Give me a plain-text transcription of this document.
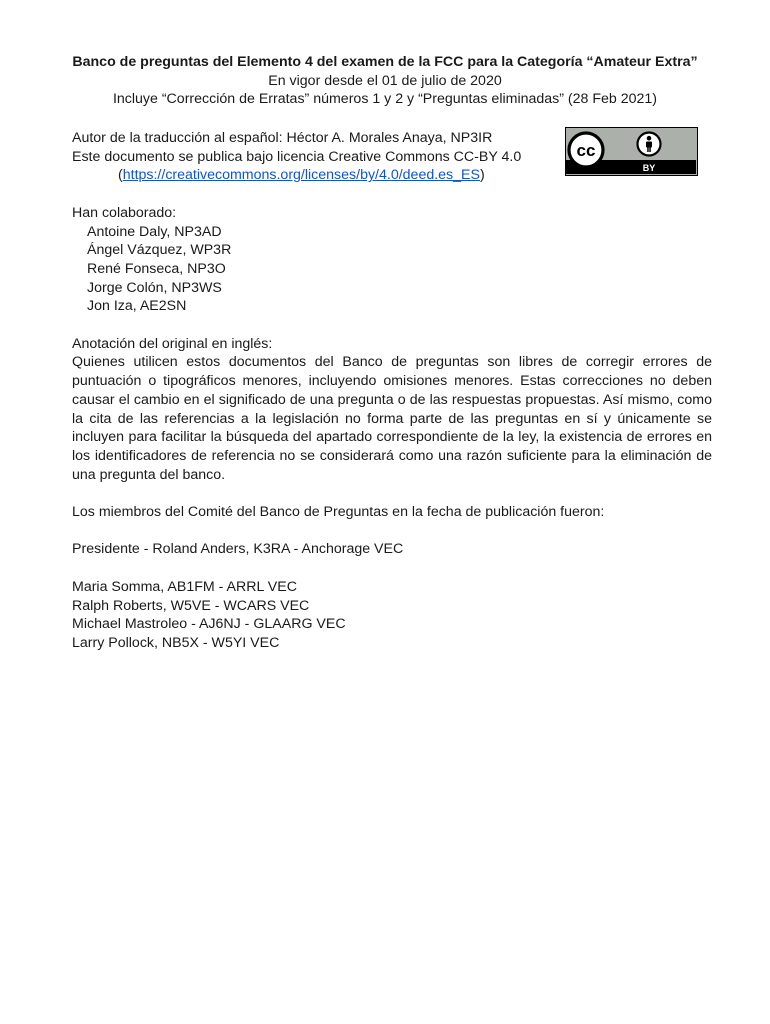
Banco de preguntas del Elemento 4 del examen de la FCC para la Categoría “Amateur Extra”

En vigor desde el 01 de julio de 2020

Incluye “Corrección de Erratas” números 1 y 2 y “Preguntas eliminadas” (28 Feb 2021)

cc
BY

Autor de la traducción al español: Héctor A. Morales Anaya, NP3IR

Este documento se publica bajo licencia Creative Commons CC-BY 4.0

(https://creativecommons.org/licenses/by/4.0/deed.es_ES)

Han colaborado:

Antoine Daly, NP3AD

Ángel Vázquez, WP3R

René Fonseca, NP3O

Jorge Colón, NP3WS

Jon Iza, AE2SN

Anotación del original en inglés:

Quienes utilicen estos documentos del Banco de preguntas son libres de corregir errores de puntuación o tipográficos menores, incluyendo omisiones menores. Estas correcciones no deben causar el cambio en el significado de una pregunta o de las respuestas propuestas. Así mismo, como la cita de las referencias a la legislación no forma parte de las preguntas en sí y únicamente se incluyen para facilitar la búsqueda del apartado correspondiente de la ley, la existencia de errores en los identificadores de referencia no se considerará como una razón suficiente para la eliminación de una pregunta del banco.

Los miembros del Comité del Banco de Preguntas en la fecha de publicación fueron:

Presidente - Roland Anders, K3RA - Anchorage VEC

Maria Somma, AB1FM - ARRL VEC

Ralph Roberts, W5VE - WCARS VEC

Michael Mastroleo - AJ6NJ - GLAARG VEC

Larry Pollock, NB5X - W5YI VEC
